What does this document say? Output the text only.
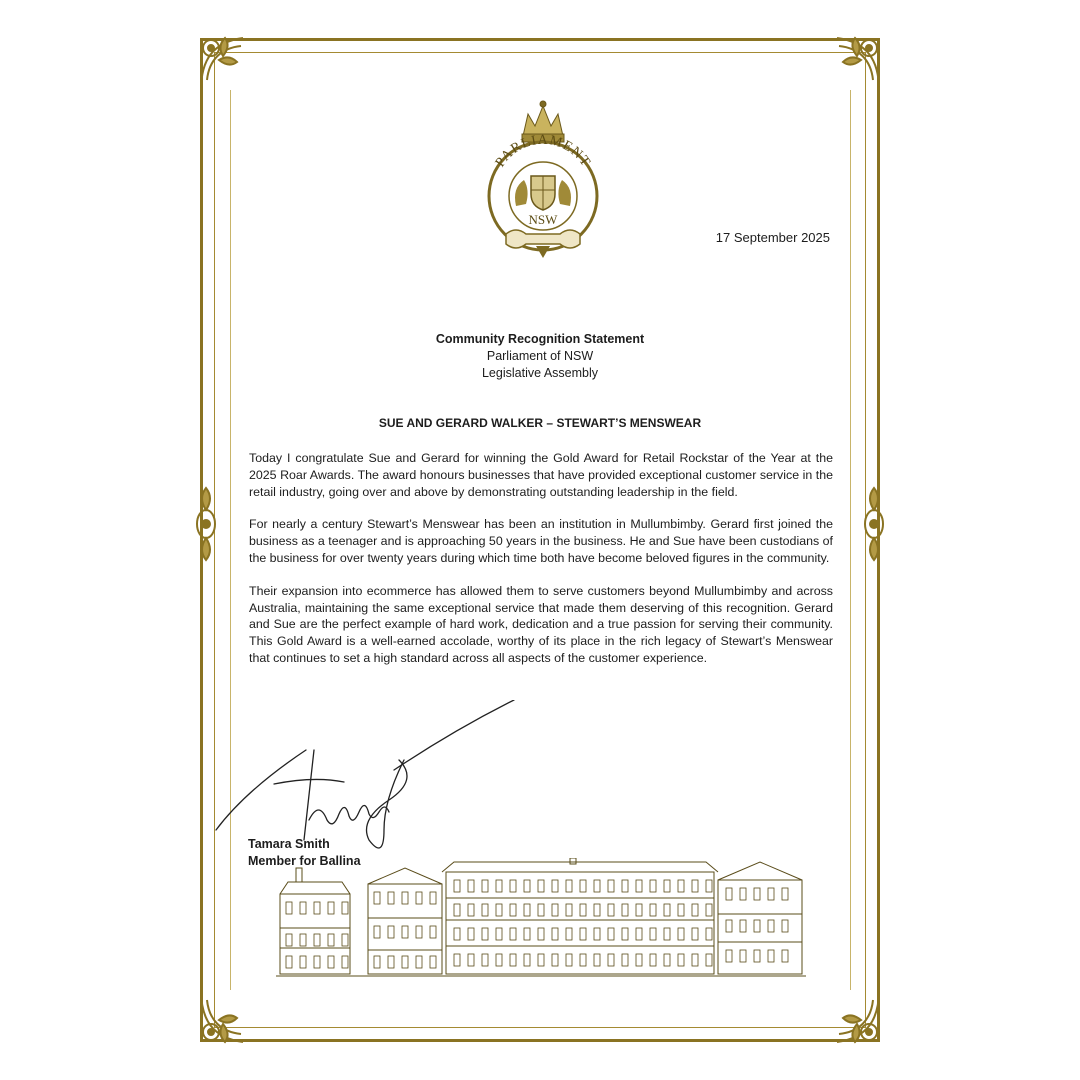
PARLIAMENT
NSW
17 September 2025
Community Recognition Statement
Parliament of NSW
Legislative Assembly
SUE AND GERARD WALKER – STEWART’S MENSWEAR

Today I congratulate Sue and Gerard for winning the Gold Award for Retail Rockstar of the Year at the 2025 Roar Awards. The award honours businesses that have provided exceptional customer service in the retail industry, going over and above by demonstrating outstanding leadership in the field.

For nearly a century Stewart’s Menswear has been an institution in Mullumbimby. Gerard first joined the business as a teenager and is approaching 50 years in the business. He and Sue have been custodians of the business for over twenty years during which time both have become beloved figures in the community.

Their expansion into ecommerce has allowed them to serve customers beyond Mullumbimby and across Australia, maintaining the same exceptional service that made them deserving of this recognition. Gerard and Sue are the perfect example of hard work, dedication and a true passion for serving their community. This Gold Award is a well-earned accolade, worthy of its place in the rich legacy of Stewart’s Menswear that continues to set a high standard across all aspects of the customer experience.

Tamara Smith
Member for Ballina
